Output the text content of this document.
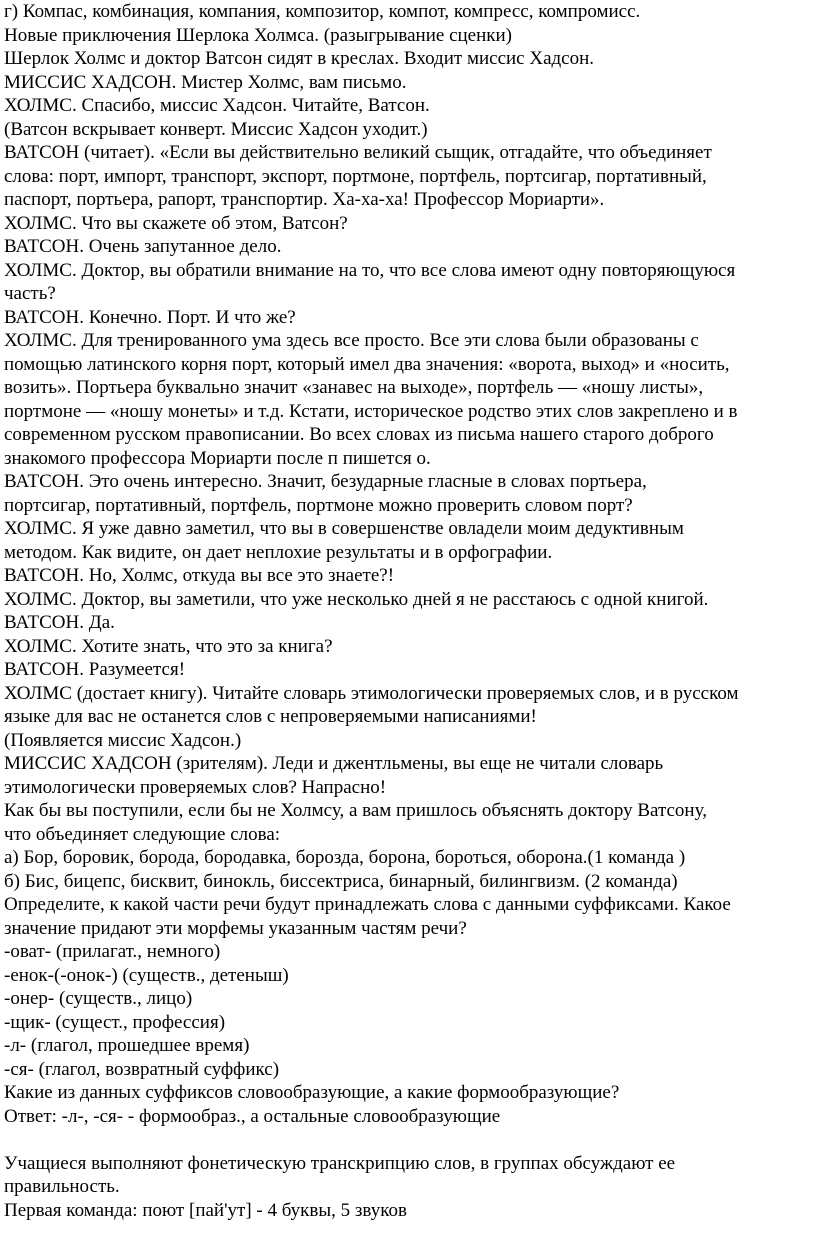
г) Компас, комбинация, компания, композитор, компот, компресс, компромисс.
Новые приключения Шерлока Холмса. (разыгрывание сценки)
Шерлок Холмс и доктор Ватсон сидят в креслах. Входит миссис Хадсон.
МИССИС ХАДСОН. Мистер Холмс, вам письмо.
ХОЛМС. Спасибо, миссис Хадсон. Читайте, Ватсон.
(Ватсон вскрывает конверт. Миссис Хадсон уходит.)
ВАТСОН (читает). «Если вы действительно великий сыщик, отгадайте, что объединяет
слова: порт, импорт, транспорт, экспорт, портмоне, портфель, портсигар, портативный,
паспорт, портьера, рапорт, транспортир. Ха-ха-ха! Профессор Мориарти».
ХОЛМС. Что вы скажете об этом, Ватсон?
ВАТСОН. Очень запутанное дело.
ХОЛМС. Доктор, вы обратили внимание на то, что все слова имеют одну повторяющуюся
часть?
ВАТСОН. Конечно. Порт. И что же?
ХОЛМС. Для тренированного ума здесь все просто. Все эти слова были образованы с
помощью латинского корня порт, который имел два значения: «ворота, выход» и «носить,
возить». Портьера буквально значит «занавес на выходе», портфель — «ношу листы»,
портмоне — «ношу монеты» и т.д. Кстати, историческое родство этих слов закреплено и в
современном русском правописании. Во всех словах из письма нашего старого доброго
знакомого профессора Мориарти после п пишется о.
ВАТСОН. Это очень интересно. Значит, безударные гласные в словах портьера,
портсигар, портативный, портфель, портмоне можно проверить словом порт?
ХОЛМС. Я уже давно заметил, что вы в совершенстве овладели моим дедуктивным
методом. Как видите, он дает неплохие результаты и в орфографии.
ВАТСОН. Но, Холмс, откуда вы все это знаете?!
ХОЛМС. Доктор, вы заметили, что уже несколько дней я не расстаюсь с одной книгой.
ВАТСОН. Да.
ХОЛМС. Хотите знать, что это за книга?
ВАТСОН. Разумеется!
ХОЛМС (достает книгу). Читайте словарь этимологически проверяемых слов, и в русском
языке для вас не останется слов с непроверяемыми написаниями!
(Появляется миссис Хадсон.)
МИССИС ХАДСОН (зрителям). Леди и джентльмены, вы еще не читали словарь
этимологически проверяемых слов? Напрасно!
Как бы вы поступили, если бы не Холмсу, а вам пришлось объяснять доктору Ватсону,
что объединяет следующие слова:
а) Бор, боровик, борода, бородавка, борозда, борона, бороться, оборона.(1 команда )
б) Бис, бицепс, бисквит, бинокль, биссектриса, бинарный, билингвизм. (2 команда)
Определите, к какой части речи будут принадлежать слова с данными суффиксами. Какое
значение придают эти морфемы указанным частям речи?
-оват- (прилагат., немного)
-енок-(-онок-) (существ., детеныш)
-онер- (существ., лицо)
-щик- (сущест., профессия)
-л- (глагол, прошедшее время)
-ся- (глагол, возвратный суффикс)
Какие из данных суффиксов словообразующие, а какие формообразующие?
Ответ: -л-, -ся- - формообраз., а остальные словообразующие
Учащиеся выполняют фонетическую транскрипцию слов, в группах обсуждают ее
правильность.
Первая команда: поют [пай'ут] - 4 буквы, 5 звуков
